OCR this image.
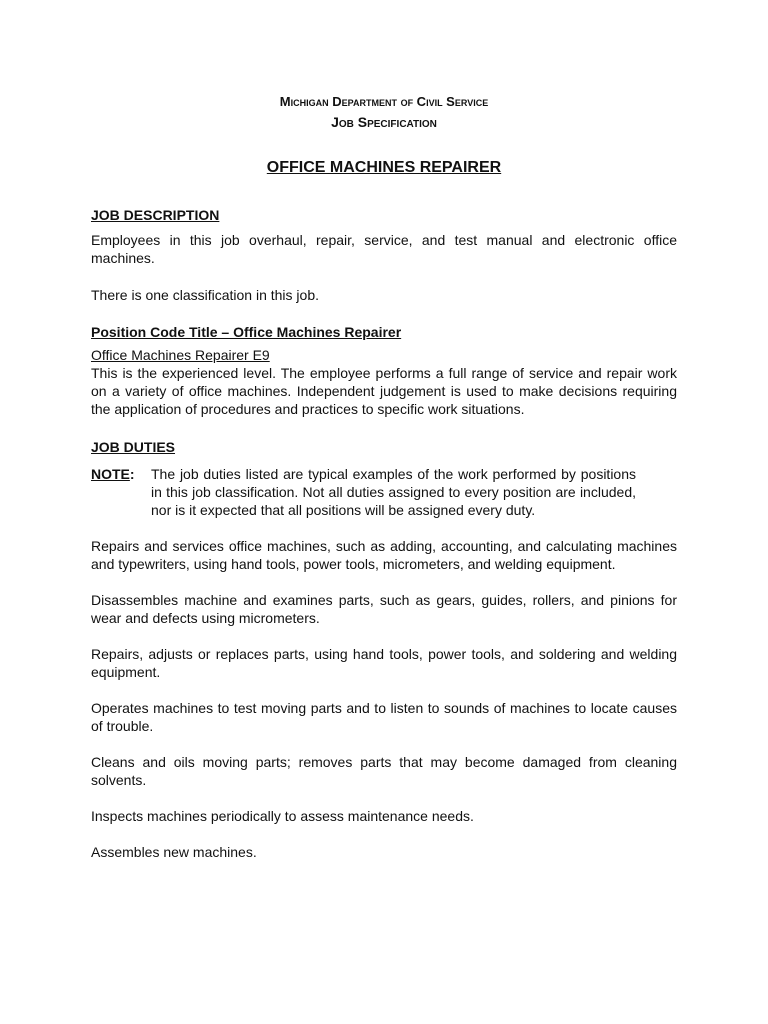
Michigan Department of Civil Service
Job Specification
OFFICE MACHINES REPAIRER
JOB DESCRIPTION

Employees in this job overhaul, repair, service, and test manual and electronic office machines.

There is one classification in this job.

Position Code Title – Office Machines Repairer

Office Machines Repairer E9

This is the experienced level. The employee performs a full range of service and repair work on a variety of office machines. Independent judgement is used to make decisions requiring the application of procedures and practices to specific work situations.

JOB DUTIES
NOTE:	The job duties listed are typical examples of the work performed by positions in this job classification. Not all duties assigned to every position are included, nor is it expected that all positions will be assigned every duty.

Repairs and services office machines, such as adding, accounting, and calculating machines and typewriters, using hand tools, power tools, micrometers, and welding equipment.

Disassembles machine and examines parts, such as gears, guides, rollers, and pinions for wear and defects using micrometers.

Repairs, adjusts or replaces parts, using hand tools, power tools, and soldering and welding equipment.

Operates machines to test moving parts and to listen to sounds of machines to locate causes of trouble.

Cleans and oils moving parts; removes parts that may become damaged from cleaning solvents.

Inspects machines periodically to assess maintenance needs.

Assembles new machines.
